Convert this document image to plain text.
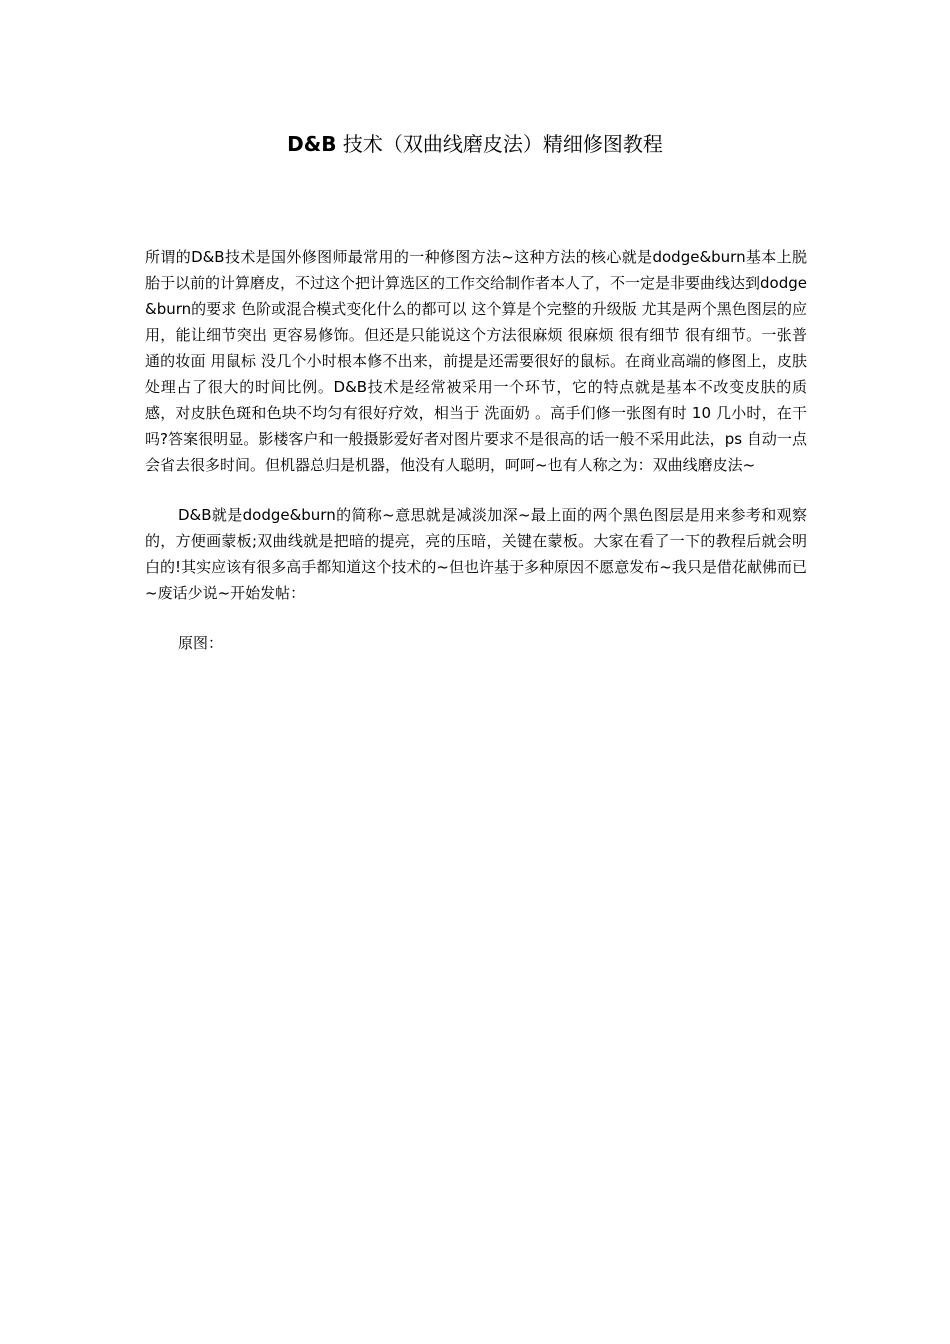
D&B 技术（双曲线磨皮法）精细修图教程

所谓的D&B技术是国外修图师最常用的一种修图方法~这种方法的核心就是dodge&burn基本上脱胎于以前的计算磨皮，不过这个把计算选区的工作交给制作者本人了，不一定是非要曲线达到dodge&burn的要求 色阶或混合模式变化什么的都可以 这个算是个完整的升级版 尤其是两个黑色图层的应用，能让细节突出 更容易修饰。但还是只能说这个方法很麻烦 很麻烦 很有细节 很有细节。一张普通的妆面 用鼠标 没几个小时根本修不出来，前提是还需要很好的鼠标。在商业高端的修图上，皮肤处理占了很大的时间比例。D&B技术是经常被采用一个环节，它的特点就是基本不改变皮肤的质感，对皮肤色斑和色块不均匀有很好疗效，相当于 洗面奶 。高手们修一张图有时 10 几小时，在干吗?答案很明显。影楼客户和一般摄影爱好者对图片要求不是很高的话一般不采用此法，ps 自动一点会省去很多时间。但机器总归是机器，他没有人聪明，呵呵~也有人称之为：双曲线磨皮法~

D&B就是dodge&burn的简称~意思就是减淡加深~最上面的两个黑色图层是用来参考和观察的，方便画蒙板;双曲线就是把暗的提亮，亮的压暗，关键在蒙板。大家在看了一下的教程后就会明白的!其实应该有很多高手都知道这个技术的~但也许基于多种原因不愿意发布~我只是借花献佛而已~废话少说~开始发帖：

原图：
